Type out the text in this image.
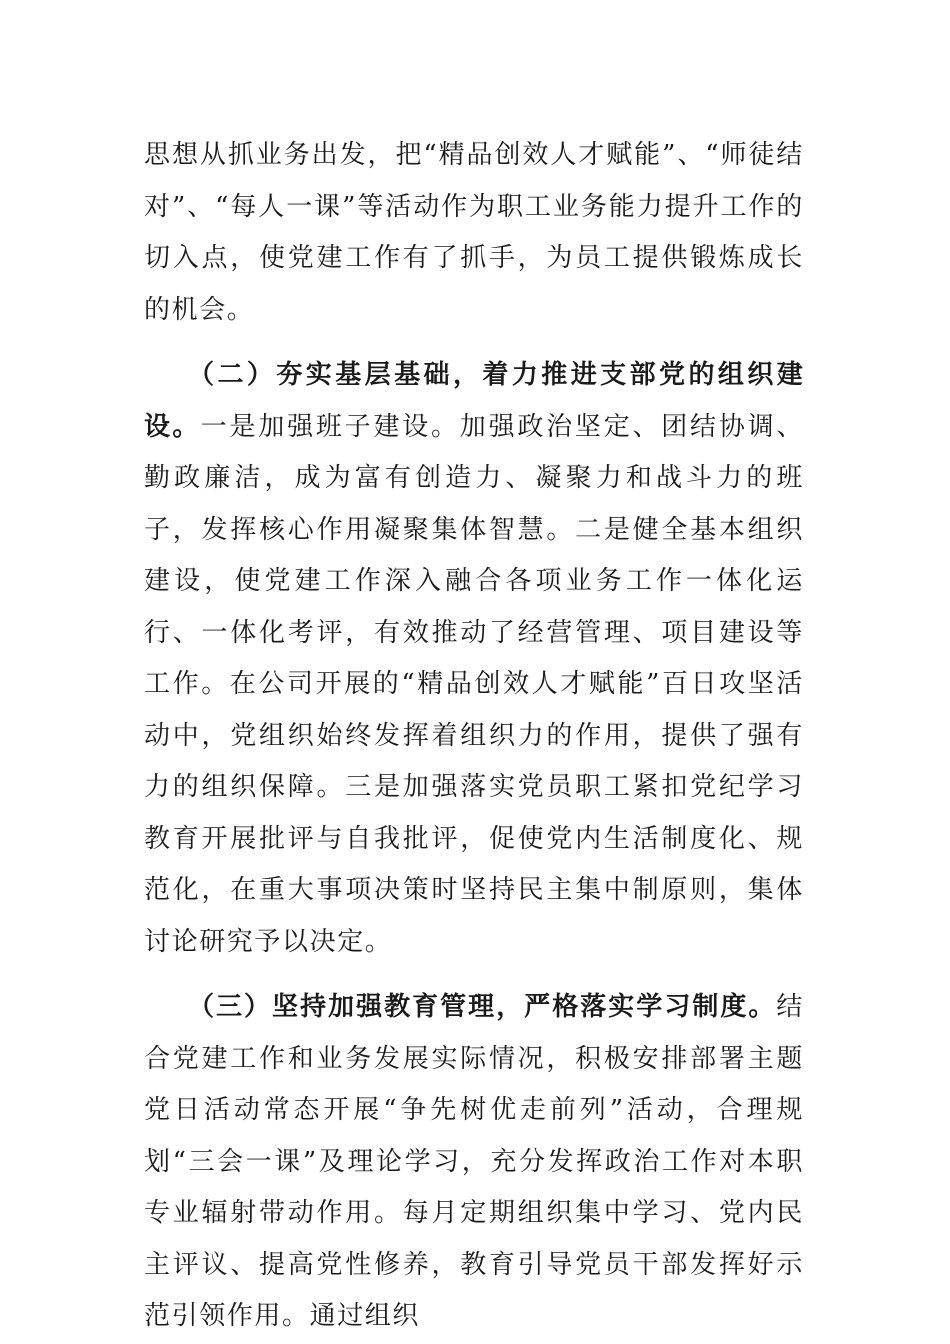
思想从抓业务出发，把“精品创效人才赋能”、“师徒结对”、“每人一课”等活动作为职工业务能力提升工作的切入点，使党建工作有了抓手，为员工提供锻炼成长的机会。

（二）夯实基层基础，着力推进支部党的组织建设。一是加强班子建设。加强政治坚定、团结协调、勤政廉洁，成为富有创造力、凝聚力和战斗力的班子，发挥核心作用凝聚集体智慧。二是健全基本组织建设，使党建工作深入融合各项业务工作一体化运行、一体化考评，有效推动了经营管理、项目建设等工作。在公司开展的“精品创效人才赋能”百日攻坚活动中，党组织始终发挥着组织力的作用，提供了强有力的组织保障。三是加强落实党员职工紧扣党纪学习教育开展批评与自我批评，促使党内生活制度化、规范化，在重大事项决策时坚持民主集中制原则，集体讨论研究予以决定。

（三）坚持加强教育管理，严格落实学习制度。结合党建工作和业务发展实际情况，积极安排部署主题党日活动常态开展“争先树优走前列”活动，合理规划“三会一课”及理论学习，充分发挥政治工作对本职专业辐射带动作用。每月定期组织集中学习、党内民主评议、提高党性修养，教育引导党员干部发挥好示范引领作用。通过组织
